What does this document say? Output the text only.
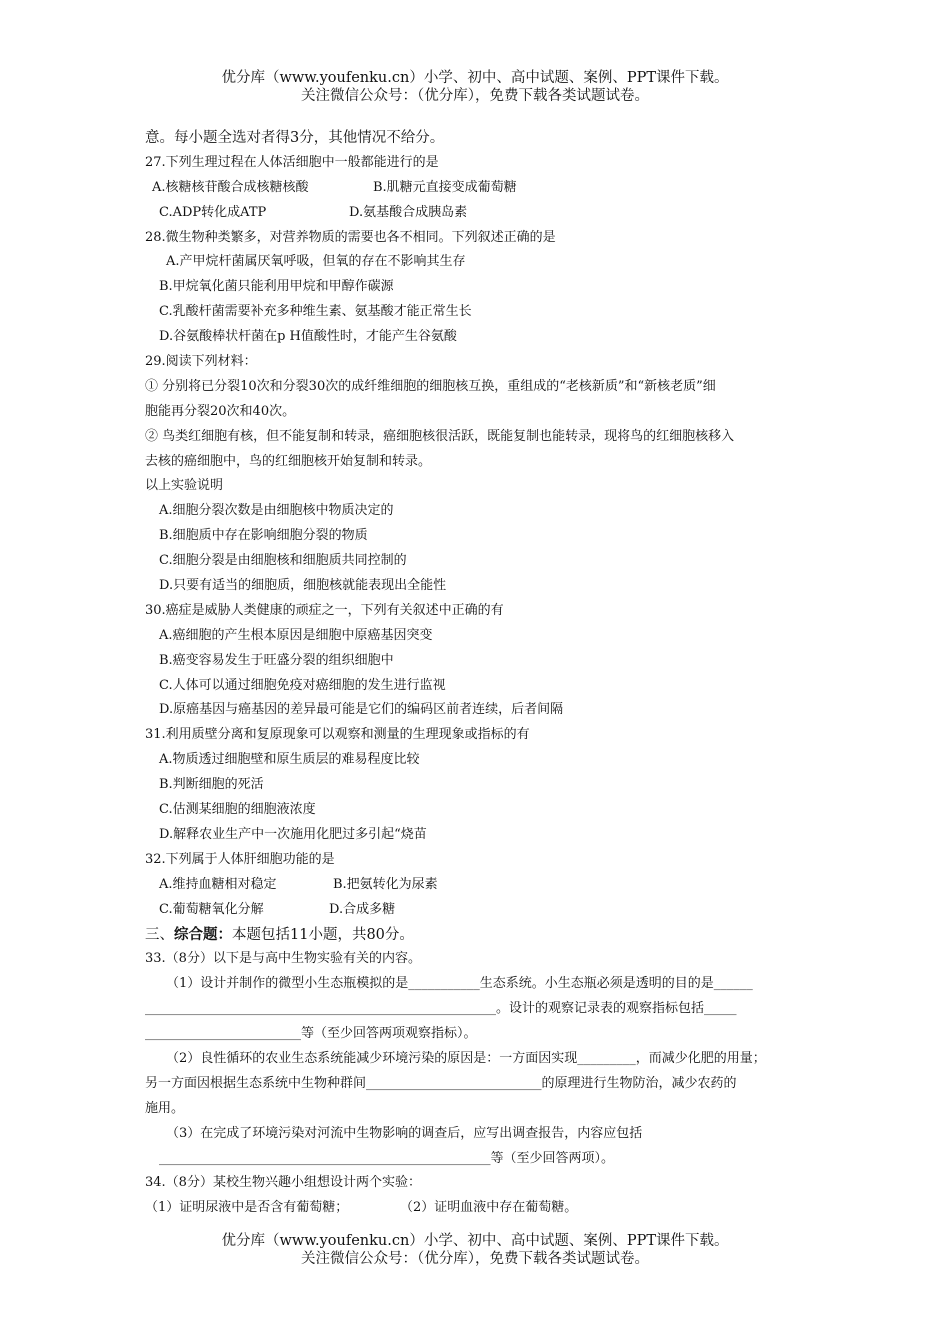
优分库（www.youfenku.cn）小学、初中、高中试题、案例、PPT课件下载。
关注微信公众号：（优分库），免费下载各类试题试卷。
意。每小题全选对者得3分，其他情况不给分。
27.下列生理过程在人体活细胞中一般都能进行的是
A.核糖核苷酸合成核糖核酸	B.肌糖元直接变成葡萄糖
C.ADP转化成ATP	D.氨基酸合成胰岛素
28.微生物种类繁多，对营养物质的需要也各不相同。下列叙述正确的是
A.产甲烷杆菌属厌氧呼吸，但氧的存在不影响其生存
B.甲烷氧化菌只能利用甲烷和甲醇作碳源
C.乳酸杆菌需要补充多种维生素、氨基酸才能正常生长
D.谷氨酸棒状杆菌在p H值酸性时，才能产生谷氨酸
29.阅读下列材料：
① 分别将已分裂10次和分裂30次的成纤维细胞的细胞核互换，重组成的“老核新质”和“新核老质”细
胞能再分裂20次和40次。
② 鸟类红细胞有核，但不能复制和转录，癌细胞核很活跃，既能复制也能转录，现将鸟的红细胞核移入
去核的癌细胞中，鸟的红细胞核开始复制和转录。
以上实验说明
A.细胞分裂次数是由细胞核中物质决定的
B.细胞质中存在影响细胞分裂的物质
C.细胞分裂是由细胞核和细胞质共同控制的
D.只要有适当的细胞质，细胞核就能表现出全能性
30.癌症是威胁人类健康的顽症之一，下列有关叙述中正确的有
A.癌细胞的产生根本原因是细胞中原癌基因突变
B.癌变容易发生于旺盛分裂的组织细胞中
C.人体可以通过细胞免疫对癌细胞的发生进行监视
D.原癌基因与癌基因的差异最可能是它们的编码区前者连续，后者间隔
31.利用质壁分离和复原现象可以观察和测量的生理现象或指标的有
A.物质透过细胞壁和原生质层的难易程度比较
B.判断细胞的死活
C.估测某细胞的细胞液浓度
D.解释农业生产中一次施用化肥过多引起“烧苗
32.下列属于人体肝细胞功能的是
A.维持血糖相对稳定	B.把氨转化为尿素
C.葡萄糖氧化分解	D.合成多糖
三、综合题：本题包括11小题，共80分。
33.（8分）以下是与高中生物实验有关的内容。
（1）设计并制作的微型小生态瓶模拟的是___________生态系统。小生态瓶必须是透明的目的是______
______________________________________________________。设计的观察记录表的观察指标包括_____
________________________等（至少回答两项观察指标）。
（2）良性循环的农业生态系统能减少环境污染的原因是：一方面因实现_________，而减少化肥的用量；
另一方面因根据生态系统中生物种群间___________________________的原理进行生物防治，减少农药的
施用。
（3）在完成了环境污染对河流中生物影响的调查后，应写出调查报告，内容应包括
___________________________________________________等（至少回答两项）。
34.（8分）某校生物兴趣小组想设计两个实验：
（1）证明尿液中是否含有葡萄糖；	（2）证明血液中存在葡萄糖。
优分库（www.youfenku.cn）小学、初中、高中试题、案例、PPT课件下载。
关注微信公众号：（优分库），免费下载各类试题试卷。
